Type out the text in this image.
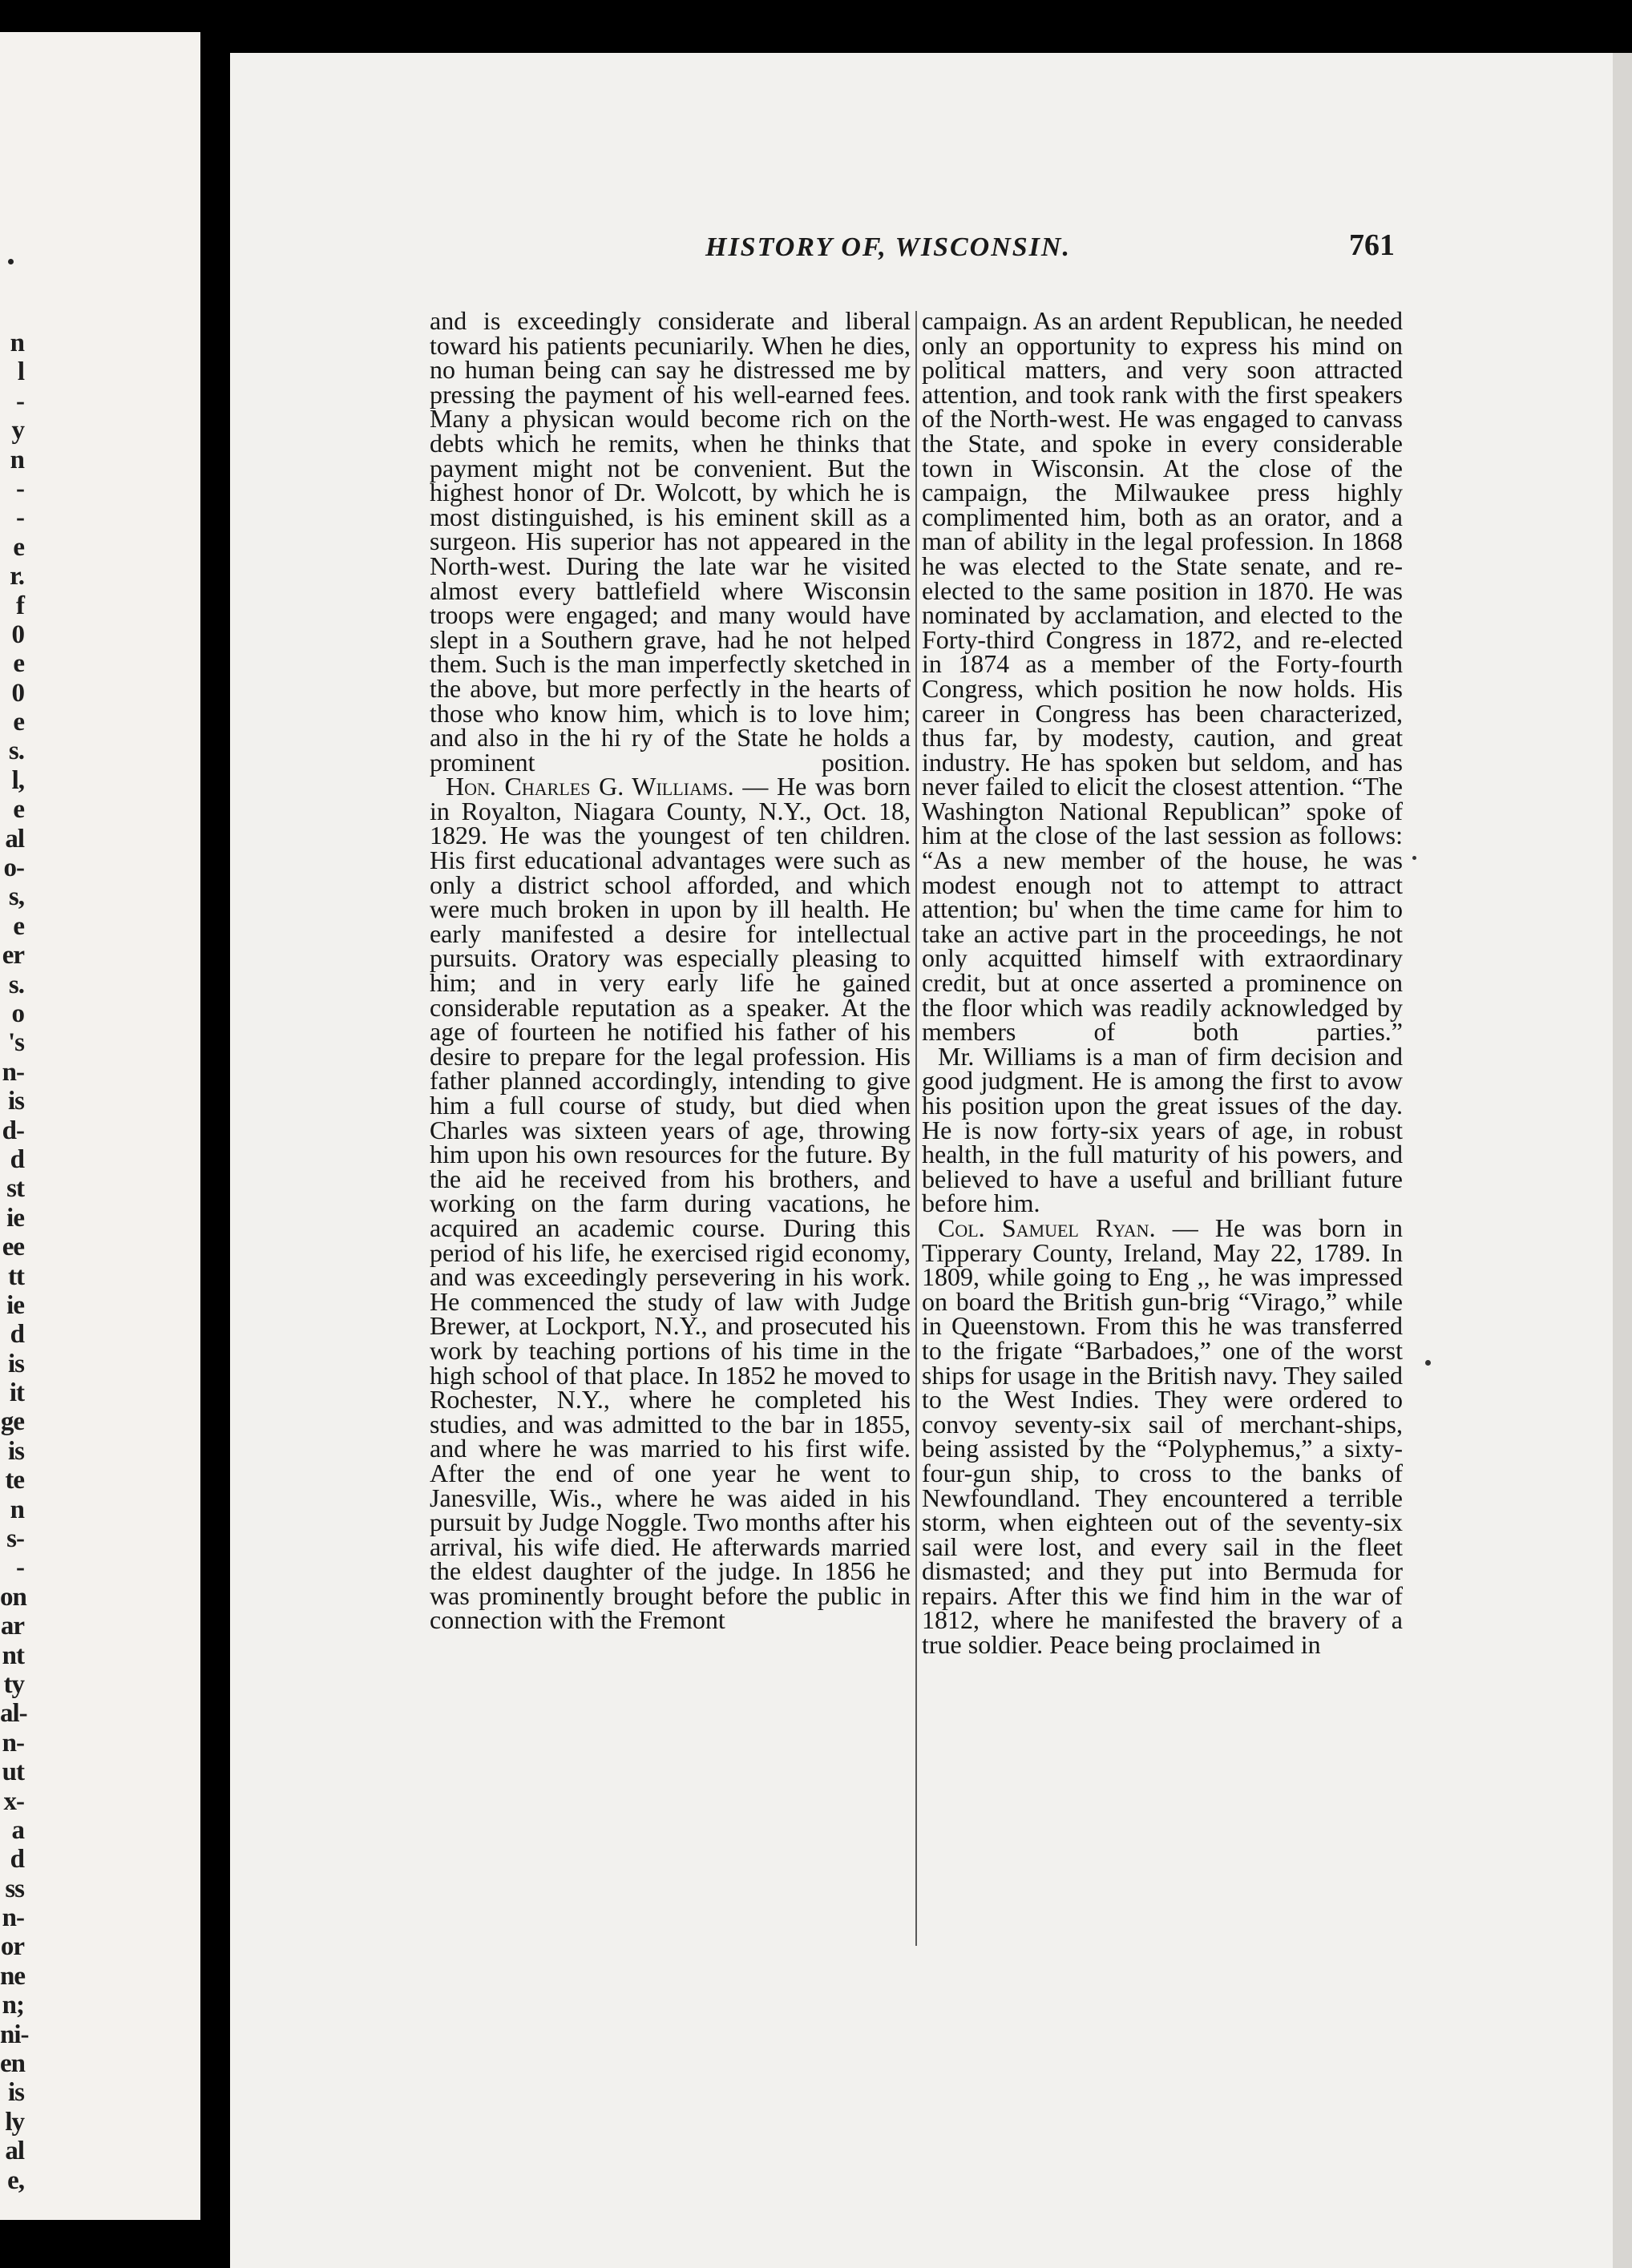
n
l
-
y
n
-
-
e
r.
f
0
e
0
e
s.
l,
e
al
o-
s,
e
er
s.
o
's
n-
is
d-
d
st
ie
ee
tt
ie
d
is
it
ge
is
te
n
s-
-
on
ar
nt
ty
al-
n-
ut
x-
a
d
ss
n-
or
ne
n;
ni-
en
is
ly
al
e,
HISTORY OF, WISCONSIN.	761

and is exceedingly considerate and liberal toward his patients pecuniarily. When he dies, no human being can say he distressed me by pressing the payment of his well-earned fees. Many a physican would become rich on the debts which he remits, when he thinks that payment might not be convenient. But the highest honor of Dr. Wolcott, by which he is most distinguished, is his eminent skill as a surgeon. His superior has not appeared in the North-west. During the late war he visited almost every battlefield where Wisconsin troops were engaged; and many would have slept in a Southern grave, had he not helped them. Such is the man imperfectly sketched in the above, but more perfectly in the hearts of those who know him, which is to love him; and also in the hi ry of the State he holds a prominent position.

Hon. Charles G. Williams. — He was born in Royalton, Niagara County, N.Y., Oct. 18, 1829. He was the youngest of ten children. His first educational advantages were such as only a district school afforded, and which were much broken in upon by ill health. He early manifested a desire for intellectual pursuits. Oratory was especially pleasing to him; and in very early life he gained considerable reputation as a speaker. At the age of fourteen he notified his father of his desire to prepare for the legal profession. His father planned accordingly, intending to give him a full course of study, but died when Charles was sixteen years of age, throwing him upon his own resources for the future. By the aid he received from his brothers, and working on the farm during vacations, he acquired an academic course. During this period of his life, he exercised rigid economy, and was exceedingly persevering in his work. He commenced the study of law with Judge Brewer, at Lockport, N.Y., and prosecuted his work by teaching portions of his time in the high school of that place. In 1852 he moved to Rochester, N.Y., where he completed his studies, and was admitted to the bar in 1855, and where he was married to his first wife. After the end of one year he went to Janesville, Wis., where he was aided in his pursuit by Judge Noggle. Two months after his arrival, his wife died. He afterwards married the eldest daughter of the judge. In 1856 he was prominently brought before the public in connection with the Fremont

campaign. As an ardent Republican, he needed only an opportunity to express his mind on political matters, and very soon attracted attention, and took rank with the first speakers of the North-west. He was engaged to canvass the State, and spoke in every considerable town in Wisconsin. At the close of the campaign, the Milwaukee press highly complimented him, both as an orator, and a man of ability in the legal profession. In 1868 he was elected to the State senate, and re-elected to the same position in 1870. He was nominated by acclamation, and elected to the Forty-third Congress in 1872, and re-elected in 1874 as a member of the Forty-fourth Congress, which position he now holds. His career in Congress has been characterized, thus far, by modesty, caution, and great industry. He has spoken but seldom, and has never failed to elicit the closest attention. “The Washington National Republican” spoke of him at the close of the last session as follows: “As a new member of the house, he was modest enough not to attempt to attract attention; bu' when the time came for him to take an active part in the proceedings, he not only acquitted himself with extraordinary credit, but at once asserted a prominence on the floor which was readily acknowledged by members of both parties.”

Mr. Williams is a man of firm decision and good judgment. He is among the first to avow his position upon the great issues of the day. He is now forty-six years of age, in robust health, in the full maturity of his powers, and believed to have a useful and brilliant future before him.

Col. Samuel Ryan. — He was born in Tipperary County, Ireland, May 22, 1789. In 1809, while going to Eng ,, he was impressed on board the British gun-brig “Virago,” while in Queenstown. From this he was transferred to the frigate “Barbadoes,” one of the worst ships for usage in the British navy. They sailed to the West Indies. They were ordered to convoy seventy-six sail of merchant-ships, being assisted by the “Polyphemus,” a sixty-four-gun ship, to cross to the banks of Newfoundland. They encountered a terrible storm, when eighteen out of the seventy-six sail were lost, and every sail in the fleet dismasted; and they put into Bermuda for repairs. After this we find him in the war of 1812, where he manifested the bravery of a true soldier. Peace being proclaimed in
